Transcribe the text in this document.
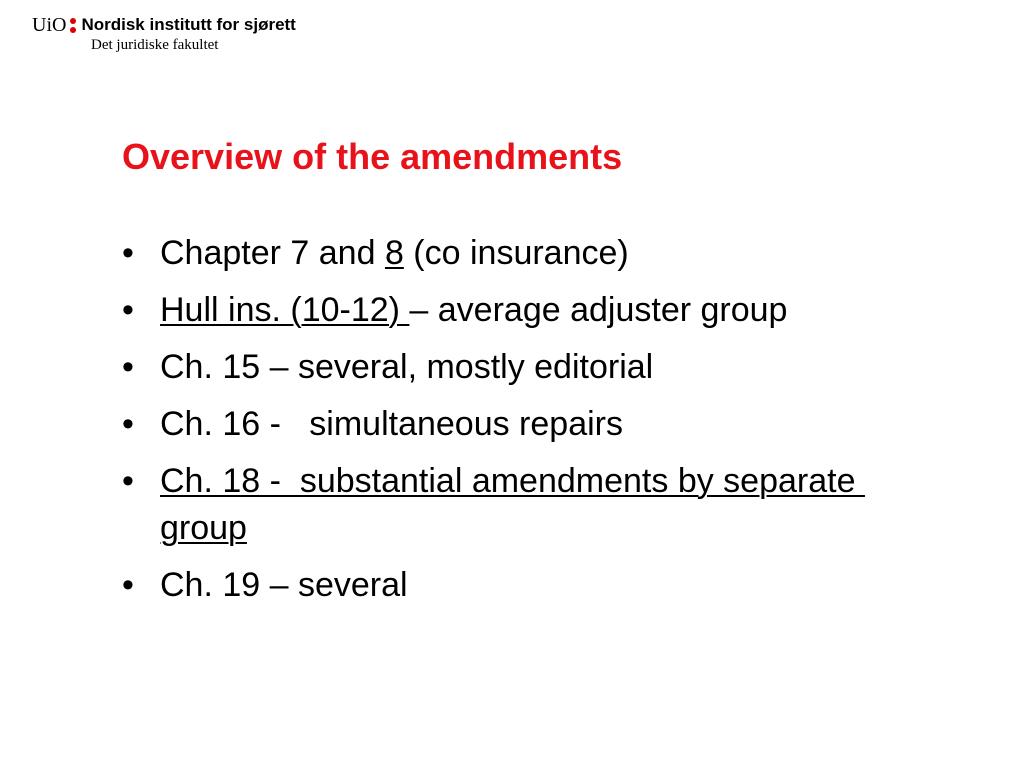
UiO Nordisk institutt for sjørett
Det juridiske fakultet
Overview of the amendments
• Chapter 7 and 8 (co insurance)
• Hull ins. (10-12) – average adjuster group
• Ch. 15 – several, mostly editorial
• Ch. 16 -   simultaneous repairs
• Ch. 18 -  substantial amendments by separate group
• Ch. 19 – several
